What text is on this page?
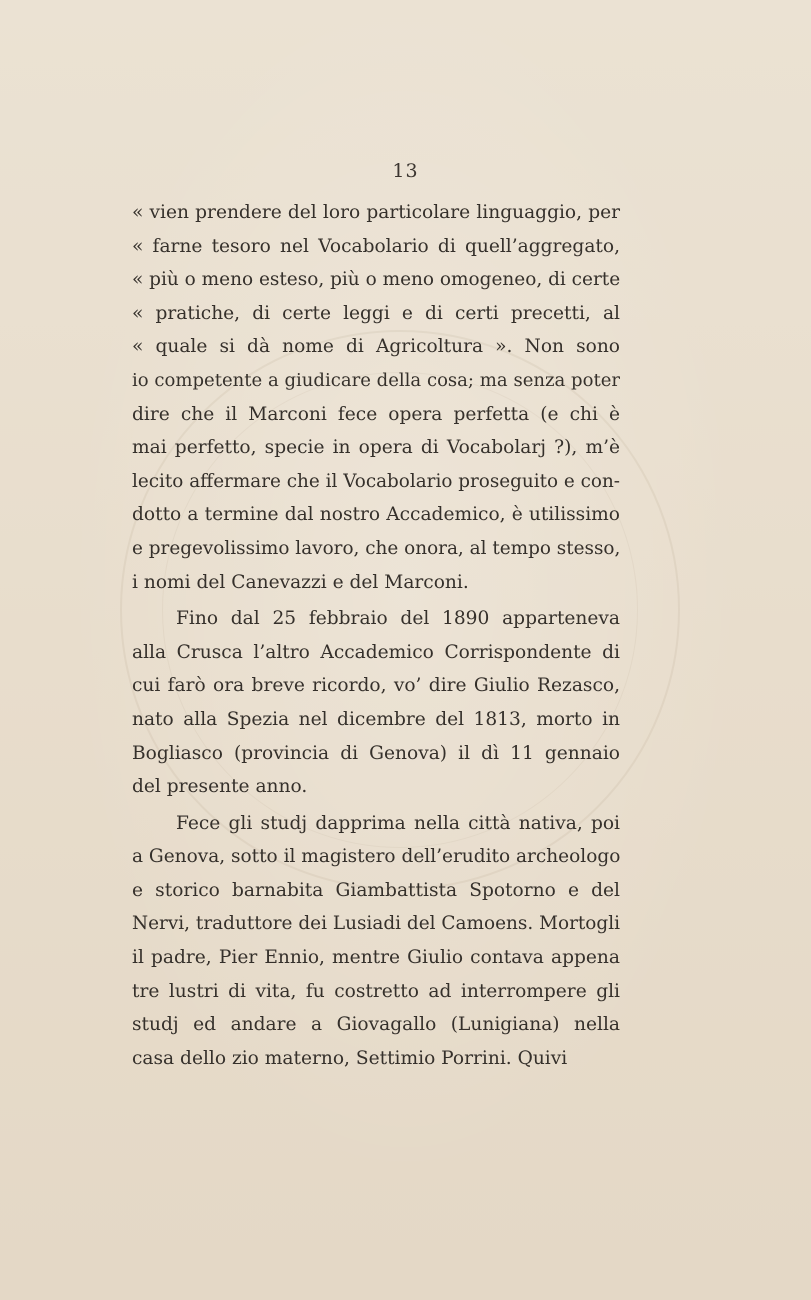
13
« vien prendere del loro particolare linguaggio, per
« farne tesoro nel Vocabolario di quell’aggregato,
« più o meno esteso, più o meno omogeneo, di certe
« pratiche, di certe leggi e di certi precetti, al
« quale si dà nome di Agricoltura ». Non sono
io competente a giudicare della cosa; ma senza poter
dire che il Marconi fece opera perfetta (e chi è
mai perfetto, specie in opera di Vocabolarj ?), m’è
lecito affermare che il Vocabolario proseguito e con-
dotto a termine dal nostro Accademico, è utilissimo
e pregevolissimo lavoro, che onora, al tempo stesso,
i nomi del Canevazzi e del Marconi.
Fino dal 25 febbraio del 1890 apparteneva
alla Crusca l’altro Accademico Corrispondente di
cui farò ora breve ricordo, vo’ dire Giulio Rezasco,
nato alla Spezia nel dicembre del 1813, morto in
Bogliasco (provincia di Genova) il dì 11 gennaio
del presente anno.
Fece gli studj dapprima nella città nativa, poi
a Genova, sotto il magistero dell’erudito archeologo
e storico barnabita Giambattista Spotorno e del
Nervi, traduttore dei Lusiadi del Camoens. Mortogli
il padre, Pier Ennio, mentre Giulio contava appena
tre lustri di vita, fu costretto ad interrompere gli
studj ed andare a Giovagallo (Lunigiana) nella
casa dello zio materno, Settimio Porrini. Quivi
